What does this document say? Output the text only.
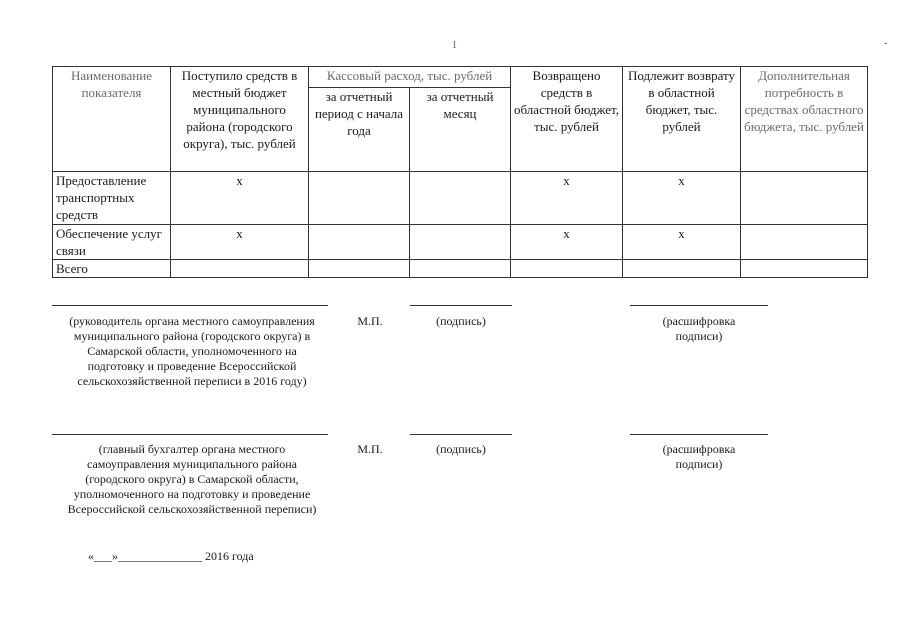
1	-
Наименование показателя	Поступило средств в местный бюджет муниципального района (городского округа), тыс. рублей	Кассовый расход, тыс. рублей		Возвращено средств в областной бюджет, тыс. рублей	Подлежит возврату в областной бюджет, тыс. рублей	Дополнительная потребность в средствах областного бюджета, тыс. рублей
		за отчетный период с начала года	за отчетный месяц			
Предоставление транспортных средств	x			x	x	
Обеспечение услуг связи	x			x	x	
Всего						
(руководитель органа местного самоуправления муниципального района (городского округа) в Самарской области, уполномоченного на подготовку и проведение Всероссийской сельскохозяйственной переписи в 2016 году)
М.П.	(подпись)	(расшифровка подписи)
(главный бухгалтер органа местного самоуправления муниципального района (городского округа) в Самарской области, уполномоченного на подготовку и проведение Всероссийской сельскохозяйственной переписи)
М.П.	(подпись)	(расшифровка подписи)
«___»______________ 2016 года
